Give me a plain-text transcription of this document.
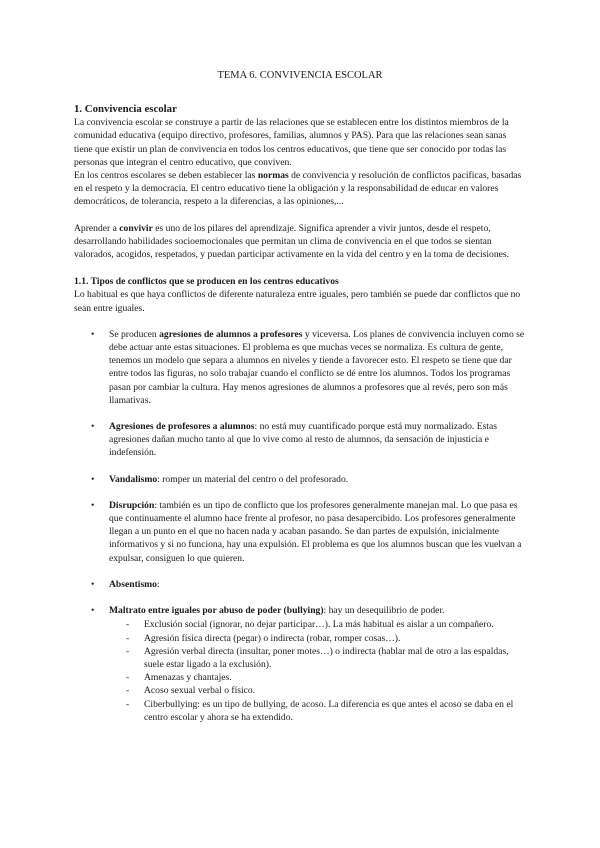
TEMA 6. CONVIVENCIA ESCOLAR

1. Convivencia escolar

La convivencia escolar se construye a partir de las relaciones que se establecen entre los distintos miembros de la comunidad educativa (equipo directivo, profesores, familias, alumnos y PAS). Para que las relaciones sean sanas tiene que existir un plan de convivencia en todos los centros educativos, que tiene que ser conocido por todas las personas que integran el centro educativo, que conviven.

En los centros escolares se deben establecer las normas de convivencia y resolución de conflictos pacíficas, basadas en el respeto y la democracia. El centro educativo tiene la obligación y la responsabilidad de educar en valores democráticos, de tolerancia, respeto a la diferencias, a las opiniones,...

Aprender a convivir es uno de los pilares del aprendizaje. Significa aprender a vivir juntos, desde el respeto, desarrollando habilidades socioemocionales que permitan un clima de convivencia en el que todos se sientan valorados, acogidos, respetados, y puedan participar activamente en la vida del centro y en la toma de decisiones.

1.1. Tipos de conflictos que se producen en los centros educativos

Lo habitual es que haya conflictos de diferente naturaleza entre iguales, pero también se puede dar conflictos que no sean entre iguales.

• Se producen agresiones de alumnos a profesores y viceversa. Los planes de convivencia incluyen como se debe actuar ante estas situaciones. El problema es que muchas veces se normaliza. Es cultura de gente, tenemos un modelo que separa a alumnos en niveles y tiende a favorecer esto. El respeto se tiene que dar entre todos las figuras, no solo trabajar cuando el conflicto se dé entre los alumnos. Todos los programas pasan por cambiar la cultura. Hay menos agresiones de alumnos a profesores que al revés, pero son más llamativas.
• Agresiones de profesores a alumnos: no está muy cuantificado porque está muy normalizado. Estas agresiones dañan mucho tanto al que lo vive como al resto de alumnos, da sensación de injusticia e indefensión.
• Vandalismo: romper un material del centro o del profesorado.
• Disrupción: también es un tipo de conflicto que los profesores generalmente manejan mal. Lo que pasa es que continuamente el alumno hace frente al profesor, no pasa desapercibido. Los profesores generalmente llegan a un punto en el que no hacen nada y acaban pasando. Se dan partes de expulsión, inicialmente informativos y si no funciona, hay una expulsión. El problema es que los alumnos buscan que les vuelvan a expulsar, consiguen lo que quieren.
• Absentismo:
• Maltrato entre iguales por abuso de poder (bullying): hay un desequilibrio de poder.
- Exclusión social (ignorar, no dejar participar…). La más habitual es aislar a un compañero.
- Agresión física directa (pegar) o indirecta (robar, romper cosas…).
- Agresión verbal directa (insultar, poner motes…) o indirecta (hablar mal de otro a las espaldas, suele estar ligado a la exclusión).
- Amenazas y chantajes.
- Acoso sexual verbal o físico.
- Ciberbullying: es un tipo de bullying, de acoso. La diferencia es que antes el acoso se daba en el centro escolar y ahora se ha extendido.
